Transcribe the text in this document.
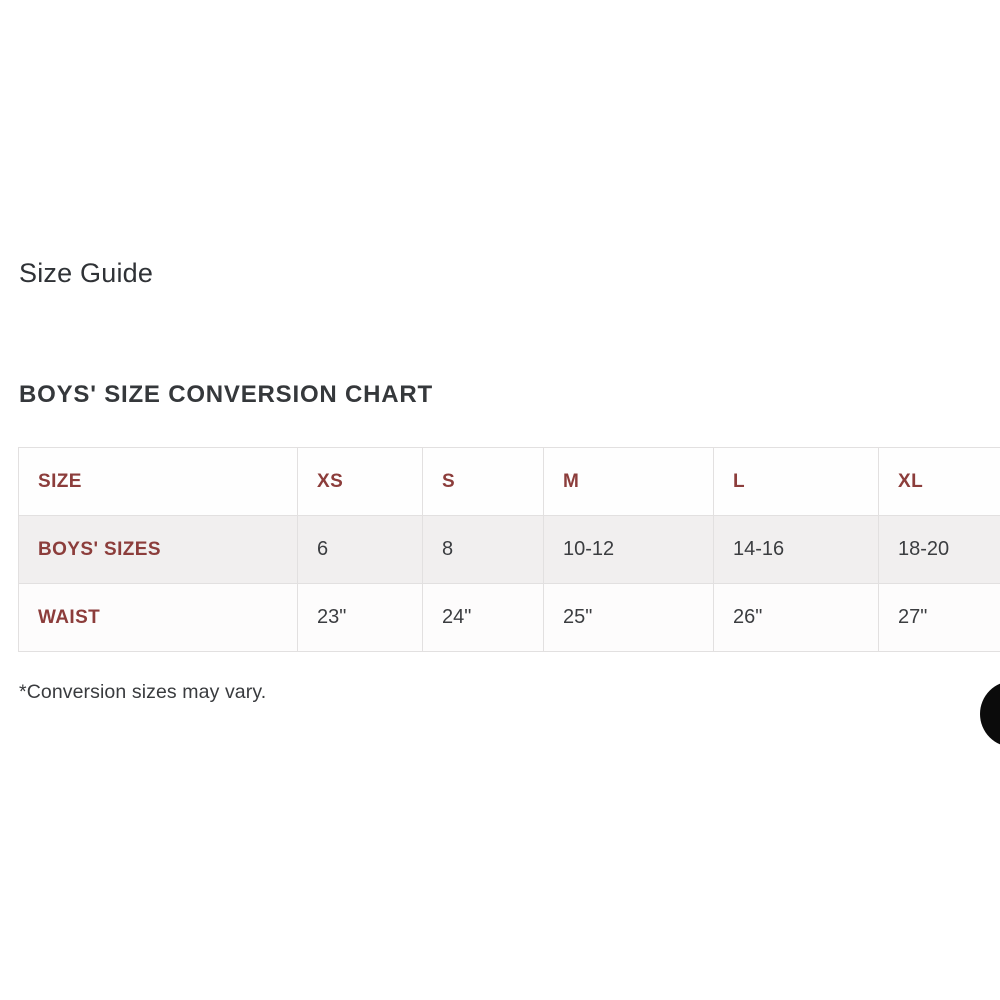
Size Guide
BOYS' SIZE CONVERSION CHART
SIZE	XS	S	M	L	XL
BOYS' SIZES	6	8	10-12	14-16	18-20
WAIST	23"	24"	25"	26"	27"

*Conversion sizes may vary.
